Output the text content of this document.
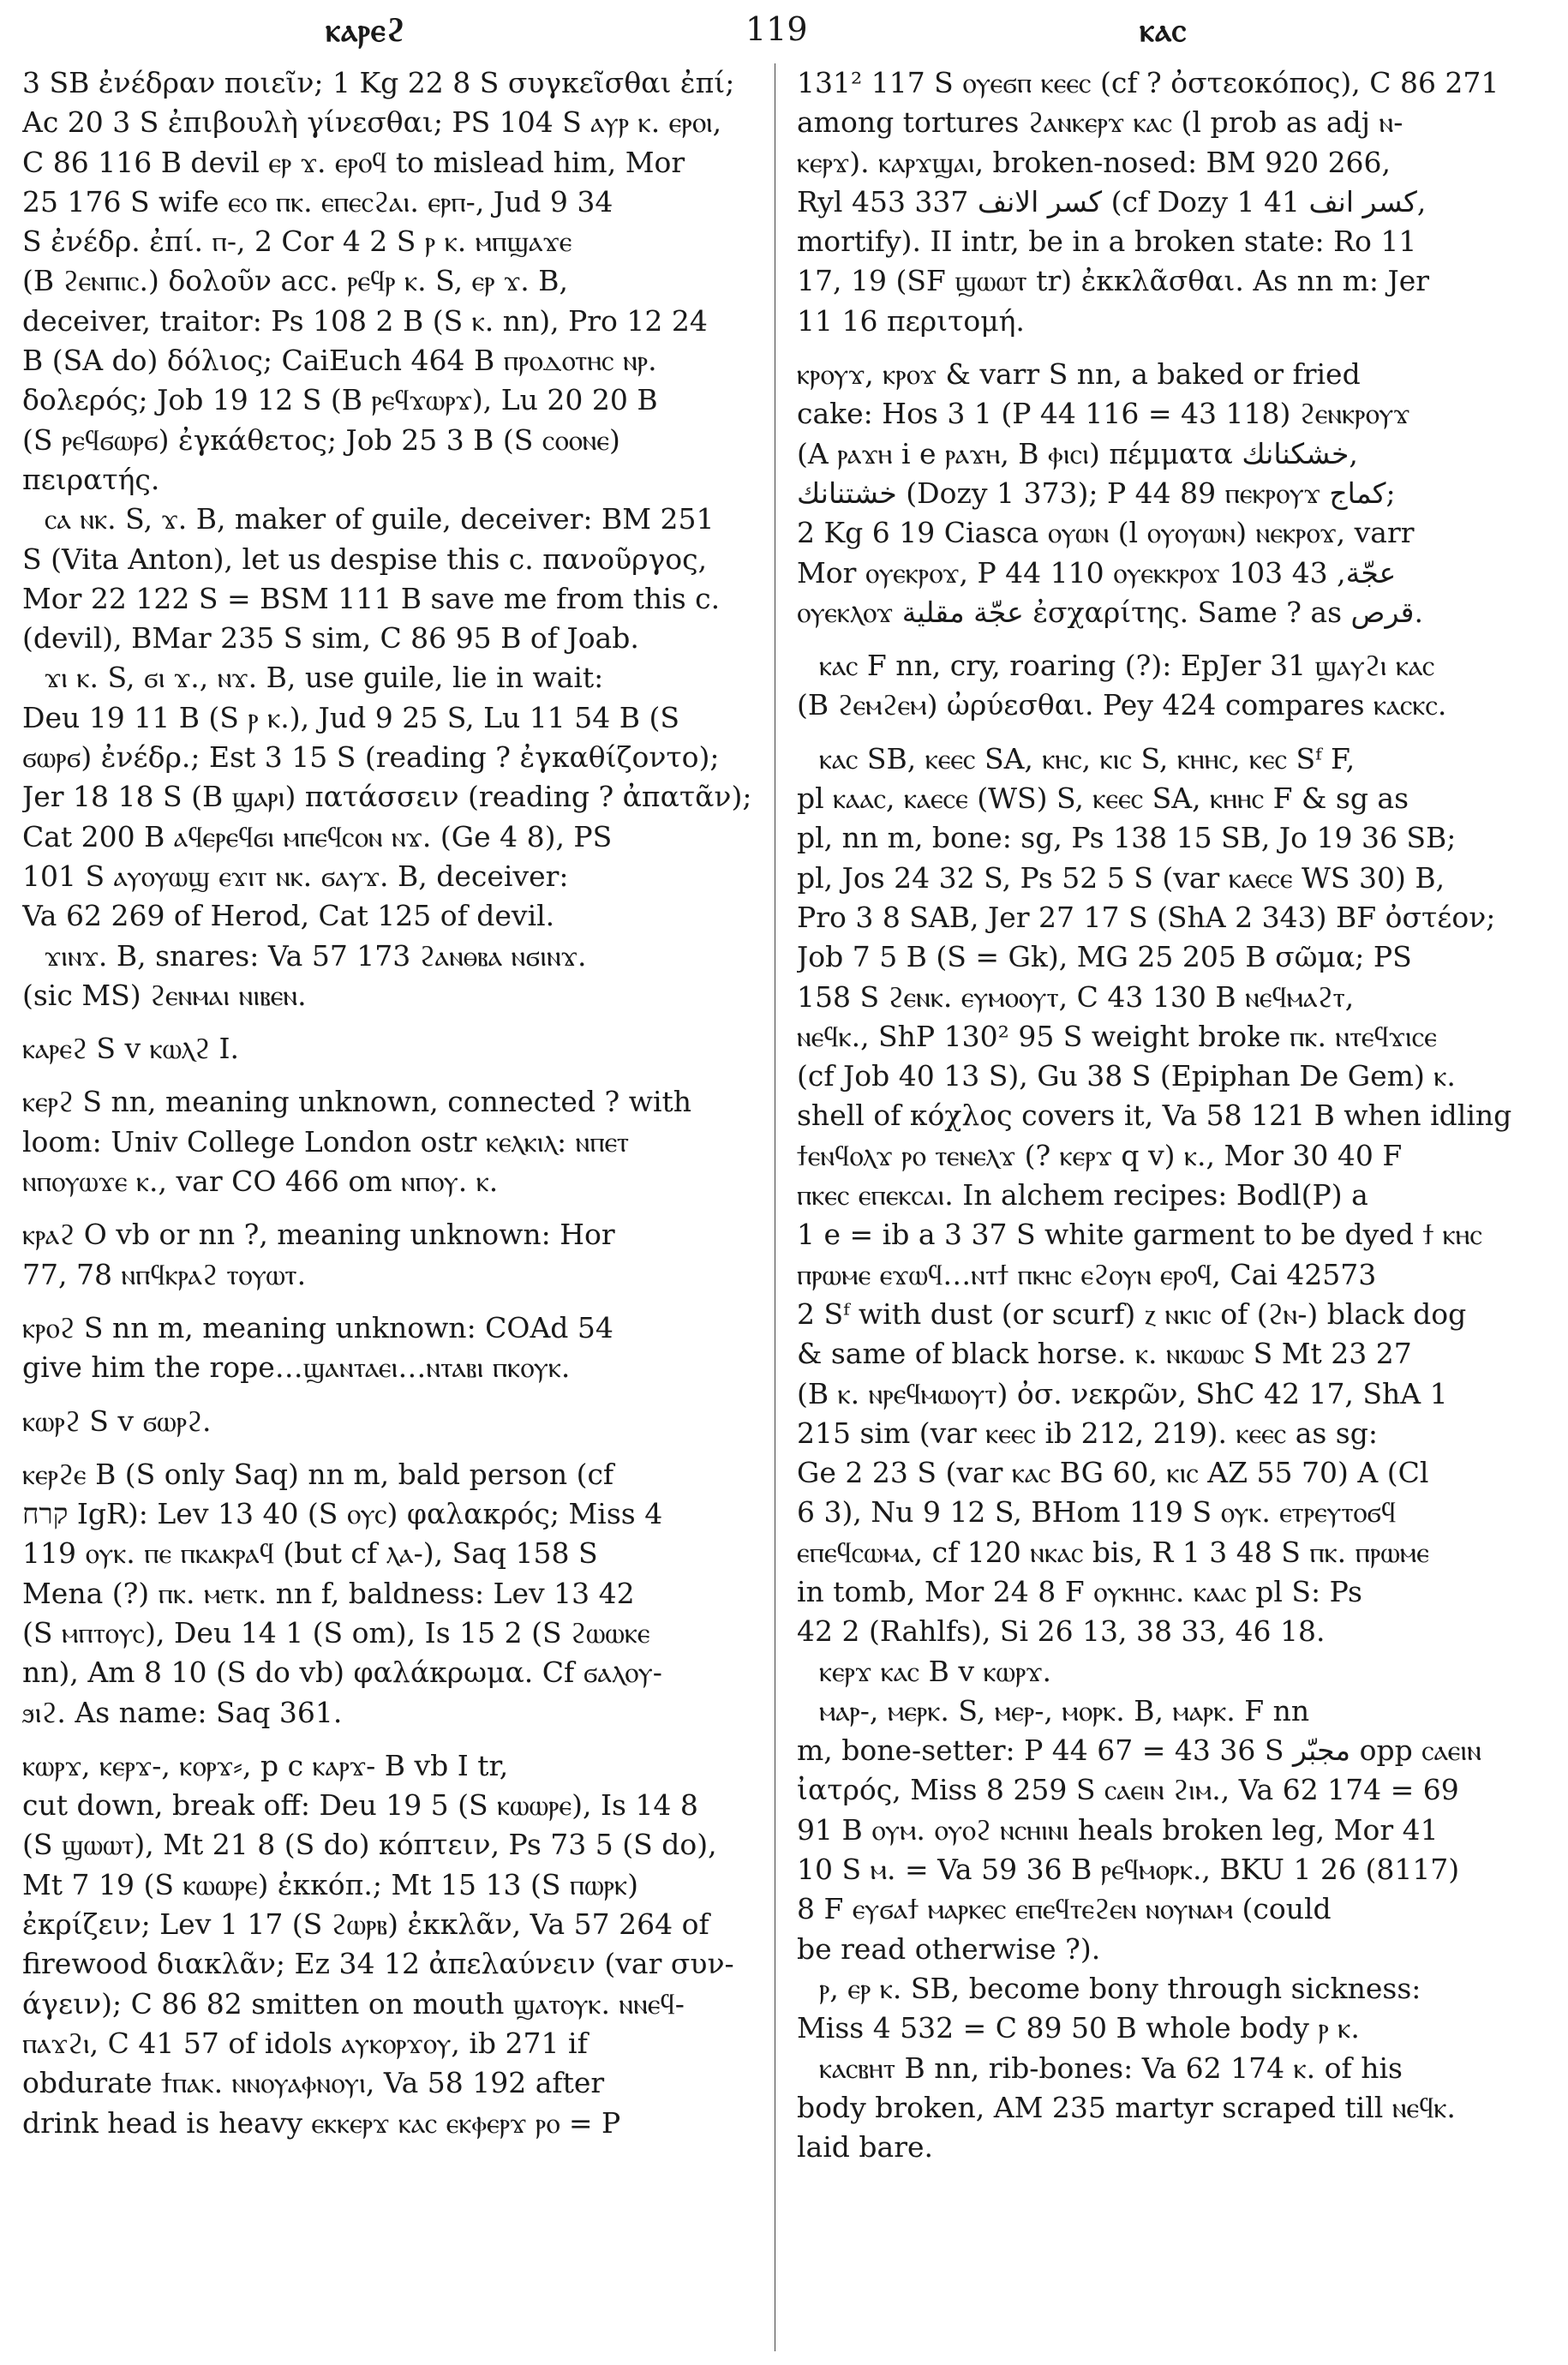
ⲕⲁⲣⲉϩ	119	ⲕⲁⲥ
3 SB ἐνέδραν ποιεῖν; 1 Kg 22 8 S συγκεῖσθαι ἐπί;
Ac 20 3 S ἐπιβουλὴ γίνεσθαι; PS 104 S ⲁⲩⲣ ⲕ. ⲉⲣⲟⲓ,
C 86 116 B devil ⲉⲣ ϫ. ⲉⲣⲟϥ to mislead him, Mor
25 176 S wife ⲉⲥⲟ ⲡⲕ. ⲉⲡⲉⲥϩⲁⲓ. ⲉⲣⲡ-, Jud 9 34
S ἐνέδρ. ἐπί. ⲡ-, 2 Cor 4 2 S ⲣ ⲕ. ⲙⲡϣⲁϫⲉ
(B ϩⲉⲛⲡⲓⲥ.) δολοῦν acc. ⲣⲉϥⲣ ⲕ. S, ⲉⲣ ϫ. B,
deceiver, traitor: Ps 108 2 B (S ⲕ. nn), Pro 12 24
B (SA do) δόλιος; CaiEuch 464 B ⲡⲣⲟⲇⲟⲧⲏⲥ ⲛⲣ.
δολερός; Job 19 12 S (B ⲣⲉϥϫⲱⲣϫ), Lu 20 20 B
(S ⲣⲉϥϭⲱⲣϭ) ἐγκάθετος; Job 25 3 B (S ⲥⲟⲟⲛⲉ)
πειρατής.
ⲥⲁ ⲛⲕ. S, ϫ. B, maker of guile, deceiver: BM 251
S (Vita Anton), let us despise this c. πανοῦργος,
Mor 22 122 S = BSM 111 B save me from this c.
(devil), BMar 235 S sim, C 86 95 B of Joab.
ϫⲓ ⲕ. S, ϭⲓ ϫ., ⲛϫ. B, use guile, lie in wait:
Deu 19 11 B (S ⲣ ⲕ.), Jud 9 25 S, Lu 11 54 B (S
ϭⲱⲣϭ) ἐνέδρ.; Est 3 15 S (reading ? ἐγκαθίζοντο);
Jer 18 18 S (B ϣⲁⲣⲓ) πατάσσειν (reading ? ἀπατᾶν);
Cat 200 B ⲁϥⲉⲣⲉϥϭⲓ ⲙⲡⲉϥⲥⲟⲛ ⲛϫ. (Ge 4 8), PS
101 S ⲁⲩⲟⲩⲱϣ ⲉϫⲓⲧ ⲛⲕ. ϭⲁⲩϫ. B, deceiver:
Va 62 269 of Herod, Cat 125 of devil.
ϫⲓⲛϫ. B, snares: Va 57 173 ϩⲁⲛⲑⲃⲁ ⲛϭⲓⲛϫ.
(sic MS) ϩⲉⲛⲙⲁⲓ ⲛⲓⲃⲉⲛ.
ⲕⲁⲣⲉϩ S v ⲕⲱⲗϩ I.
ⲕⲉⲣϩ S nn, meaning unknown, connected ? with
loom: Univ College London ostr ⲕⲉⲗⲕⲓⲗ: ⲛⲡⲉⲧ
ⲛⲡⲟⲩⲱϫⲉ ⲕ., var CO 466 om ⲛⲡⲟⲩ. ⲕ.
ⲕⲣⲁϩ O vb or nn ?, meaning unknown: Hor
77, 78 ⲛⲡϥⲕⲣⲁϩ ⲧⲟⲩⲱⲧ.
ⲕⲣⲟϩ S nn m, meaning unknown: COAd 54
give him the rope…ϣⲁⲛⲧⲁⲉⲓ…ⲛⲧⲁⲃⲓ ⲡⲕⲟⲩⲕ.
ⲕⲱⲣϩ S v ϭⲱⲣϩ.
ⲕⲉⲣϩⲉ B (S only Saq) nn m, bald person (cf
קרח IgR): Lev 13 40 (S ⲟⲩⲥ) φαλακρός; Miss 4
119 ⲟⲩⲕ. ⲡⲉ ⲡⲕⲁⲕⲣⲁϥ (but cf ⲗⲁ-), Saq 158 S
Mena (?) ⲡⲕ. ⲙⲉⲧⲕ. nn f, baldness: Lev 13 42
(S ⲙⲡⲧⲟⲩⲥ), Deu 14 1 (S om), Is 15 2 (S ϩⲱⲱⲕⲉ
nn), Am 8 10 (S do vb) φαλάκρωμα. Cf ϭⲁⲗⲟⲩ-
ϧⲓϩ. As name: Saq 361.
ⲕⲱⲣϫ, ⲕⲉⲣϫ-, ⲕⲟⲣϫ⸗, p c ⲕⲁⲣϫ- B vb I tr,
cut down, break off: Deu 19 5 (S ⲕⲱⲱⲣⲉ), Is 14 8
(S ϣⲱⲱⲧ), Mt 21 8 (S do) κόπτειν, Ps 73 5 (S do),
Mt 7 19 (S ⲕⲱⲱⲣⲉ) ἐκκόπ.; Mt 15 13 (S ⲡⲱⲣⲕ)
ἐκρίζειν; Lev 1 17 (S ϩⲱⲣⲃ) ἐκκλᾶν, Va 57 264 of
firewood διακλᾶν; Ez 34 12 ἀπελαύνειν (var συν-
άγειν); C 86 82 smitten on mouth ϣⲁⲧⲟⲩⲕ. ⲛⲛⲉϥ-
ⲡⲁϫϩⲓ, C 41 57 of idols ⲁⲩⲕⲟⲣϫⲟⲩ, ib 271 if
obdurate ϯⲡⲁⲕ. ⲛⲛⲟⲩⲁⲫⲛⲟⲩⲓ, Va 58 192 after
drink head is heavy ⲉⲕⲕⲉⲣϫ ⲕⲁⲥ ⲉⲕⲫⲉⲣϫ ⲣⲟ = P
131² 117 S ⲟⲩⲉϭⲡ ⲕⲉⲉⲥ (cf ? ὀστεοκόπος), C 86 271
among tortures ϩⲁⲛⲕⲉⲣϫ ⲕⲁⲥ (l prob as adj ⲛ-
ⲕⲉⲣϫ). ⲕⲁⲣϫϣⲁⲓ, broken-nosed: BM 920 266,
Ryl 453 337 كسر الانف (cf Dozy 1 41 كسر انف,
mortify). II intr, be in a broken state: Ro 11
17, 19 (SF ϣⲱⲱⲧ tr) ἐκκλᾶσθαι. As nn m: Jer
11 16 περιτομή.
ⲕⲣⲟⲩϫ, ⲕⲣⲟϫ & varr S nn, a baked or fried
cake: Hos 3 1 (P 44 116 = 43 118) ϩⲉⲛⲕⲣⲟⲩϫ
(A ⲣⲁϫⲏ i e ⲣⲁϫⲏ, B ⲫⲓⲥⲓ) πέμματα خشكنانك,
خشتنانك (Dozy 1 373); P 44 89 ⲡⲉⲕⲣⲟⲩϫ كماج;
2 Kg 6 19 Ciasca ⲟⲩⲱⲛ (l ⲟⲩⲟⲩⲱⲛ) ⲛⲉⲕⲣⲟϫ, varr
Mor ⲟⲩⲉⲕⲣⲟϫ, P 44 110 ⲟⲩⲉⲕⲕⲣⲟϫ عجّة, 43 103
ⲟⲩⲉⲕⲗⲟϫ عجّة مقلية ἐσχαρίτης. Same ? as قرص.
ⲕⲁⲥ F nn, cry, roaring (?): EpJer 31 ϣⲁⲩϩⲓ ⲕⲁⲥ
(B ϩⲉⲙϩⲉⲙ) ὠρύεσθαι. Pey 424 compares ⲕⲁⲥⲕⲥ.
ⲕⲁⲥ SB, ⲕⲉⲉⲥ SA, ⲕⲏⲥ, ⲕⲓⲥ S, ⲕⲏⲏⲥ, ⲕⲉⲥ Sᶠ F,
pl ⲕⲁⲁⲥ, ⲕⲁⲉⲥⲉ (WS) S, ⲕⲉⲉⲥ SA, ⲕⲏⲏⲥ F & sg as
pl, nn m, bone: sg, Ps 138 15 SB, Jo 19 36 SB;
pl, Jos 24 32 S, Ps 52 5 S (var ⲕⲁⲉⲥⲉ WS 30) B,
Pro 3 8 SAB, Jer 27 17 S (ShA 2 343) BF ὀστέον;
Job 7 5 B (S = Gk), MG 25 205 B σῶμα; PS
158 S ϩⲉⲛⲕ. ⲉⲩⲙⲟⲟⲩⲧ, C 43 130 B ⲛⲉϥⲙⲁϩⲧ,
ⲛⲉϥⲕ., ShP 130² 95 S weight broke ⲡⲕ. ⲛⲧⲉϥϫⲓⲥⲉ
(cf Job 40 13 S), Gu 38 S (Epiphan De Gem) ⲕ.
shell of κόχλος covers it, Va 58 121 B when idling
ϯⲉⲛϥⲟⲗϫ ⲣⲟ ⲧⲉⲛⲉⲗϫ (? ⲕⲉⲣϫ q v) ⲕ., Mor 30 40 F
ⲡⲕⲉⲥ ⲉⲡⲉⲕⲥⲁⲓ. In alchem recipes: Bodl(P) a
1 e = ib a 3 37 S white garment to be dyed ϯ ⲕⲏⲥ
ⲡⲣⲱⲙⲉ ⲉϫⲱϥ…ⲛⲧϯ ⲡⲕⲏⲥ ⲉϩⲟⲩⲛ ⲉⲣⲟϥ, Cai 42573
2 Sᶠ with dust (or scurf) ⲍ ⲛⲕⲓⲥ of (ϩⲛ-) black dog
& same of black horse. ⲕ. ⲛⲕⲱⲱⲥ S Mt 23 27
(B ⲕ. ⲛⲣⲉϥⲙⲱⲟⲩⲧ) ὀσ. νεκρῶν, ShC 42 17, ShA 1
215 sim (var ⲕⲉⲉⲥ ib 212, 219). ⲕⲉⲉⲥ as sg:
Ge 2 23 S (var ⲕⲁⲥ BG 60, ⲕⲓⲥ AZ 55 70) A (Cl
6 3), Nu 9 12 S, BHom 119 S ⲟⲩⲕ. ⲉⲧⲣⲉⲩⲧⲟϭϥ
ⲉⲡⲉϥⲥⲱⲙⲁ, cf 120 ⲛⲕⲁⲥ bis, R 1 3 48 S ⲡⲕ. ⲡⲣⲱⲙⲉ
in tomb, Mor 24 8 F ⲟⲩⲕⲏⲏⲥ. ⲕⲁⲁⲥ pl S: Ps
42 2 (Rahlfs), Si 26 13, 38 33, 46 18.
ⲕⲉⲣϫ ⲕⲁⲥ B v ⲕⲱⲣϫ.
ⲙⲁⲣ-, ⲙⲉⲣⲕ. S, ⲙⲉⲣ-, ⲙⲟⲣⲕ. B, ⲙⲁⲣⲕ. F nn
m, bone-setter: P 44 67 = 43 36 S مجبّر opp ⲥⲁⲉⲓⲛ
ἰατρός, Miss 8 259 S ⲥⲁⲉⲓⲛ ϩⲓⲙ., Va 62 174 = 69
91 B ⲟⲩⲙ. ⲟⲩⲟϩ ⲛⲥⲏⲓⲛⲓ heals broken leg, Mor 41
10 S ⲙ. = Va 59 36 B ⲣⲉϥⲙⲟⲣⲕ., BKU 1 26 (8117)
8 F ⲉⲩϭⲁϯ ⲙⲁⲣⲕⲉⲥ ⲉⲡⲉϥⲧⲉϩⲉⲛ ⲛⲟⲩⲛⲁⲙ (could
be read otherwise ?).
ⲣ, ⲉⲣ ⲕ. SB, become bony through sickness:
Miss 4 532 = C 89 50 B whole body ⲣ ⲕ.
ⲕⲁⲥⲃⲏⲧ B nn, rib-bones: Va 62 174 ⲕ. of his
body broken, AM 235 martyr scraped till ⲛⲉϥⲕ.
laid bare.
